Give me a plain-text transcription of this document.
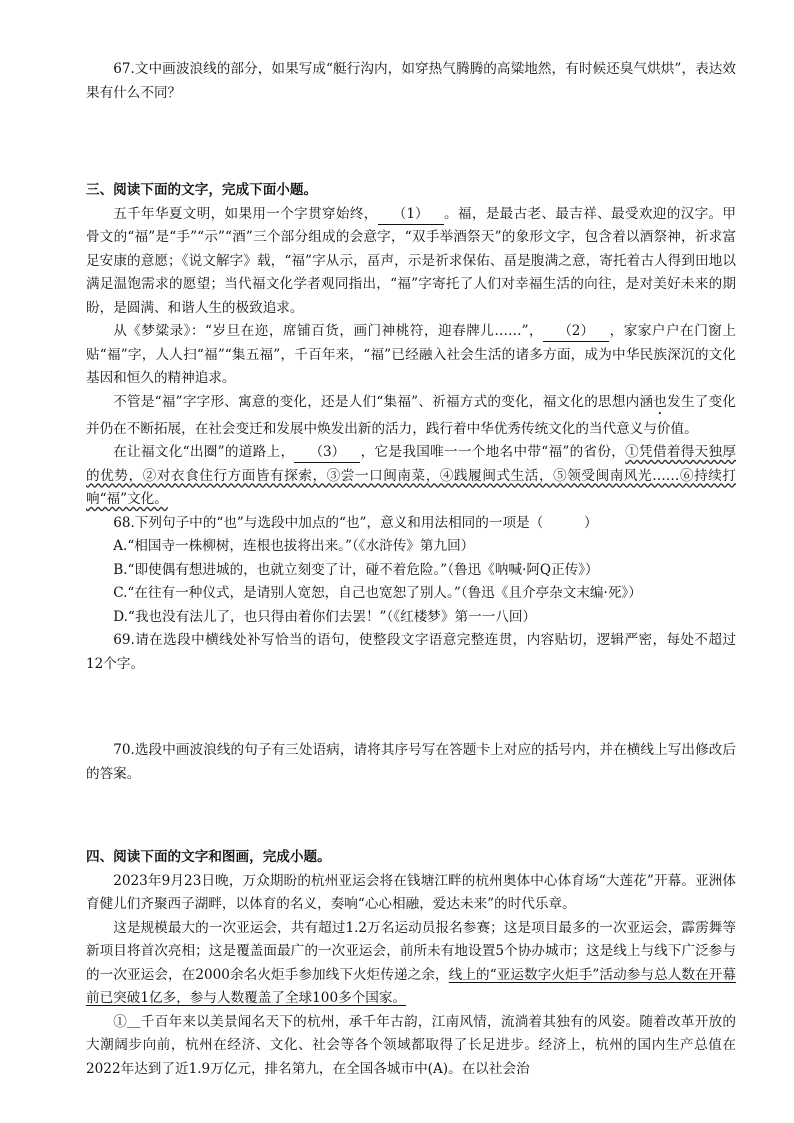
67.文中画波浪线的部分，如果写成“艇行沟内，如穿热气腾腾的高粱地然，有时候还臭气烘烘”，表达效果有什么不同？

三、阅读下面的文字，完成下面小题。

五千年华夏文明，如果用一个字贯穿始终， （1） 。福，是最古老、最吉祥、最受欢迎的汉字。甲骨文的“福”是“手”“示”“酒”三个部分组成的会意字，“双手举酒祭天”的象形文字，包含着以酒祭神，祈求富足安康的意愿；《说文解字》载，“福”字从示，畐声，示是祈求保佑、畐是腹满之意，寄托着古人得到田地以满足温饱需求的愿望；当代福文化学者观同指出，“福”字寄托了人们对幸福生活的向往，是对美好未来的期盼，是圆满、和谐人生的极致追求。

从《梦粱录》：“岁旦在迩，席铺百货，画门神桃符，迎春牌儿……”， （2） ，家家户户在门窗上贴“福”字，人人扫“福”“集五福”，千百年来，“福”已经融入社会生活的诸多方面，成为中华民族深沉的文化基因和恒久的精神追求。

不管是“福”字字形、寓意的变化，还是人们“集福”、祈福方式的变化，福文化的思想内涵也发生了变化并仍在不断拓展，在社会变迁和发展中焕发出新的活力，践行着中华优秀传统文化的当代意义与价值。

在让福文化“出圈”的道路上， （3） ，它是我国唯一一个地名中带“福”的省份，①凭借着得天独厚的优势，②对衣食住行方面皆有探索，③尝一口闽南菜，④践履闽式生活，⑤领受闽南风光……⑥持续打响“福”文化。

68.下列句子中的“也”与选段中加点的“也”，意义和用法相同的一项是（　　　）

A.“相国寺一株柳树，连根也拔将出来。”（《水浒传》第九回）

B.“即使偶有想进城的，也就立刻变了计，碰不着危险。”（鲁迅《呐喊·阿Q正传》）

C.“在往有一种仪式，是请别人宽恕，自己也宽恕了别人。”（鲁迅《且介亭杂文末编·死》）

D.“我也没有法儿了，也只得由着你们去罢！”（《红楼梦》第一一八回）

69.请在选段中横线处补写恰当的语句，使整段文字语意完整连贯，内容贴切，逻辑严密，每处不超过12个字。

70.选段中画波浪线的句子有三处语病，请将其序号写在答题卡上对应的括号内，并在横线上写出修改后的答案。

四、阅读下面的文字和图画，完成小题。

2023年9月23日晚，万众期盼的杭州亚运会将在钱塘江畔的杭州奥体中心体育场“大莲花”开幕。亚洲体育健儿们齐聚西子湖畔，以体育的名义，奏响“心心相融，爱达未来”的时代乐章。

这是规模最大的一次亚运会，共有超过1.2万名运动员报名参赛；这是项目最多的一次亚运会，霹雳舞等新项目将首次亮相；这是覆盖面最广的一次亚运会，前所未有地设置5个协办城市；这是线上与线下广泛参与的一次亚运会，在2000余名火炬手参加线下火炬传递之余，线上的“亚运数字火炬手”活动参与总人数在开幕前已突破1亿多，参与人数覆盖了全球100多个国家。

①＿千百年来以美景闻名天下的杭州，承千年古韵，江南风情，流淌着其独有的风姿。随着改革开放的大潮阔步向前，杭州在经济、文化、社会等各个领域都取得了长足进步。经济上，杭州的国内生产总值在2022年达到了近1.9万亿元，排名第九，在全国各城市中(A)。在以社会治
